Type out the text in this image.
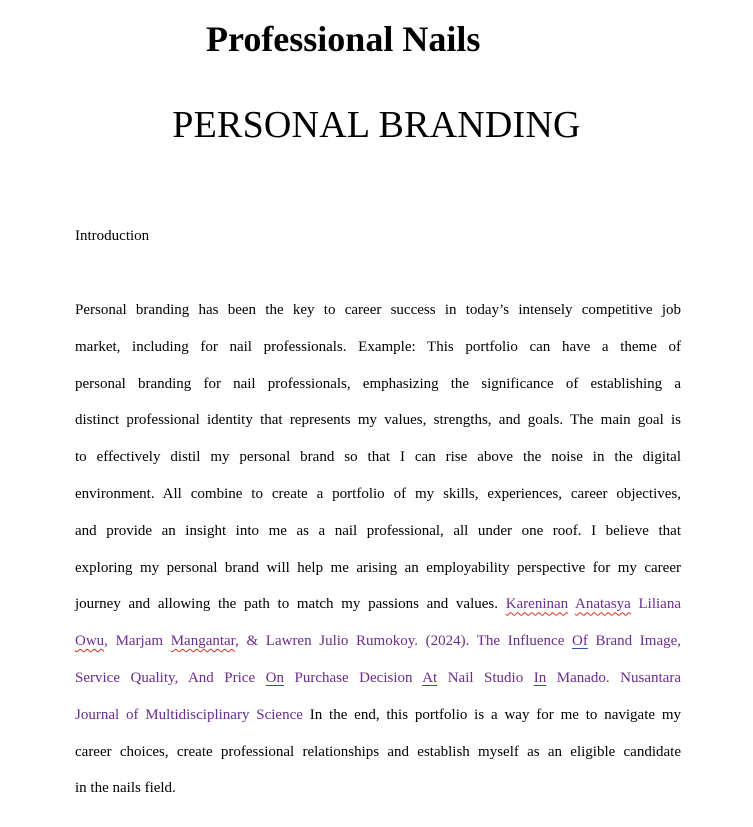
Professional Nails
PERSONAL BRANDING

Introduction

Personal branding has been the key to career success in today’s intensely competitive job
market, including for nail professionals. Example: This portfolio can have a theme of
personal branding for nail professionals, emphasizing the significance of establishing a
distinct professional identity that represents my values, strengths, and goals. The main goal is
to effectively distil my personal brand so that I can rise above the noise in the digital
environment. All combine to create a portfolio of my skills, experiences, career objectives,
and provide an insight into me as a nail professional, all under one roof. I believe that
exploring my personal brand will help me arising an employability perspective for my career
journey and allowing the path to match my passions and values. Kareninan Anatasya Liliana
Owu, Marjam Mangantar, & Lawren Julio Rumokoy. (2024). The Influence Of Brand Image,
Service Quality, And Price On Purchase Decision At Nail Studio In Manado. Nusantara
Journal of Multidisciplinary Science In the end, this portfolio is a way for me to navigate my
career choices, create professional relationships and establish myself as an eligible candidate
in the nails field.
